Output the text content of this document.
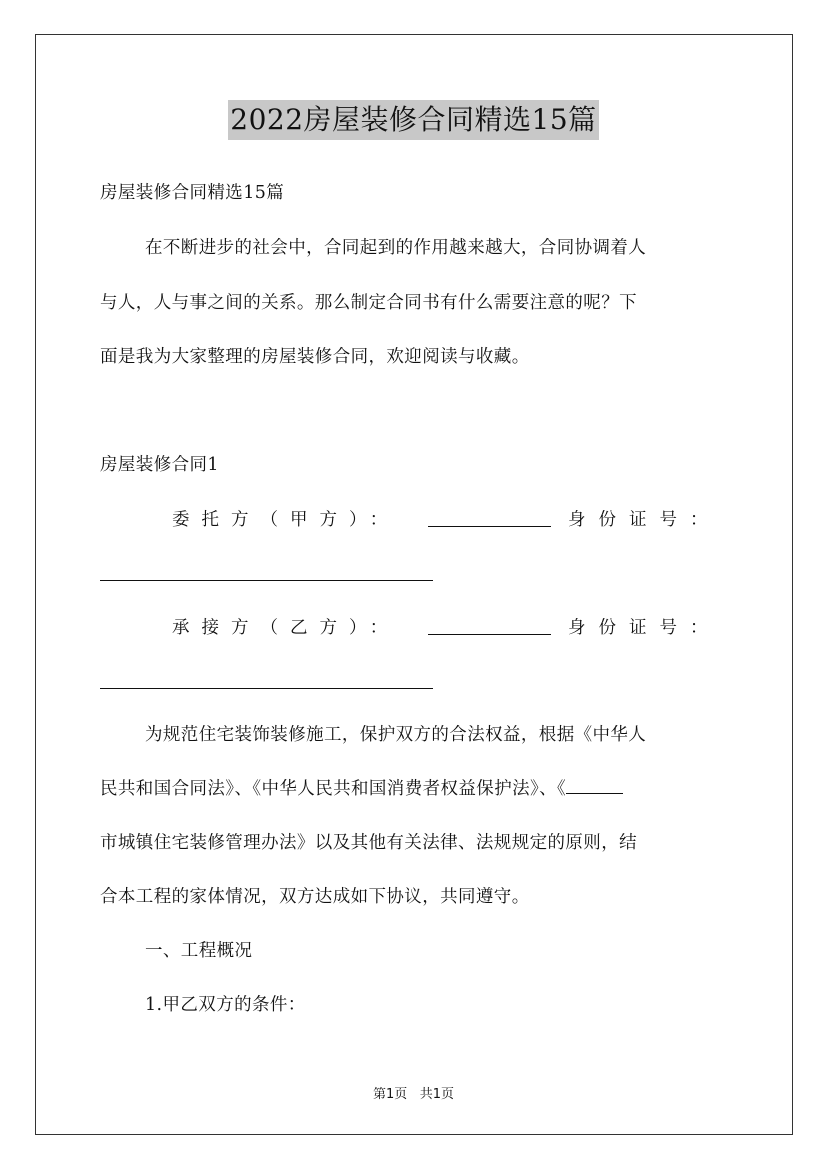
2022房屋装修合同精选15篇
房屋装修合同精选15篇
在不断进步的社会中，合同起到的作用越来越大，合同协调着人
与人，人与事之间的关系。那么制定合同书有什么需要注意的呢？下
面是我为大家整理的房屋装修合同，欢迎阅读与收藏。
房屋装修合同1
委托方（甲方）：	身份证号：
承接方（乙方）：	身份证号：
为规范住宅装饰装修施工，保护双方的合法权益，根据《中华人
民共和国合同法》、《中华人民共和国消费者权益保护法》、《
市城镇住宅装修管理办法》以及其他有关法律、法规规定的原则，结
合本工程的家体情况，双方达成如下协议，共同遵守。
一、工程概况
1.甲乙双方的条件：
第1页 共1页
